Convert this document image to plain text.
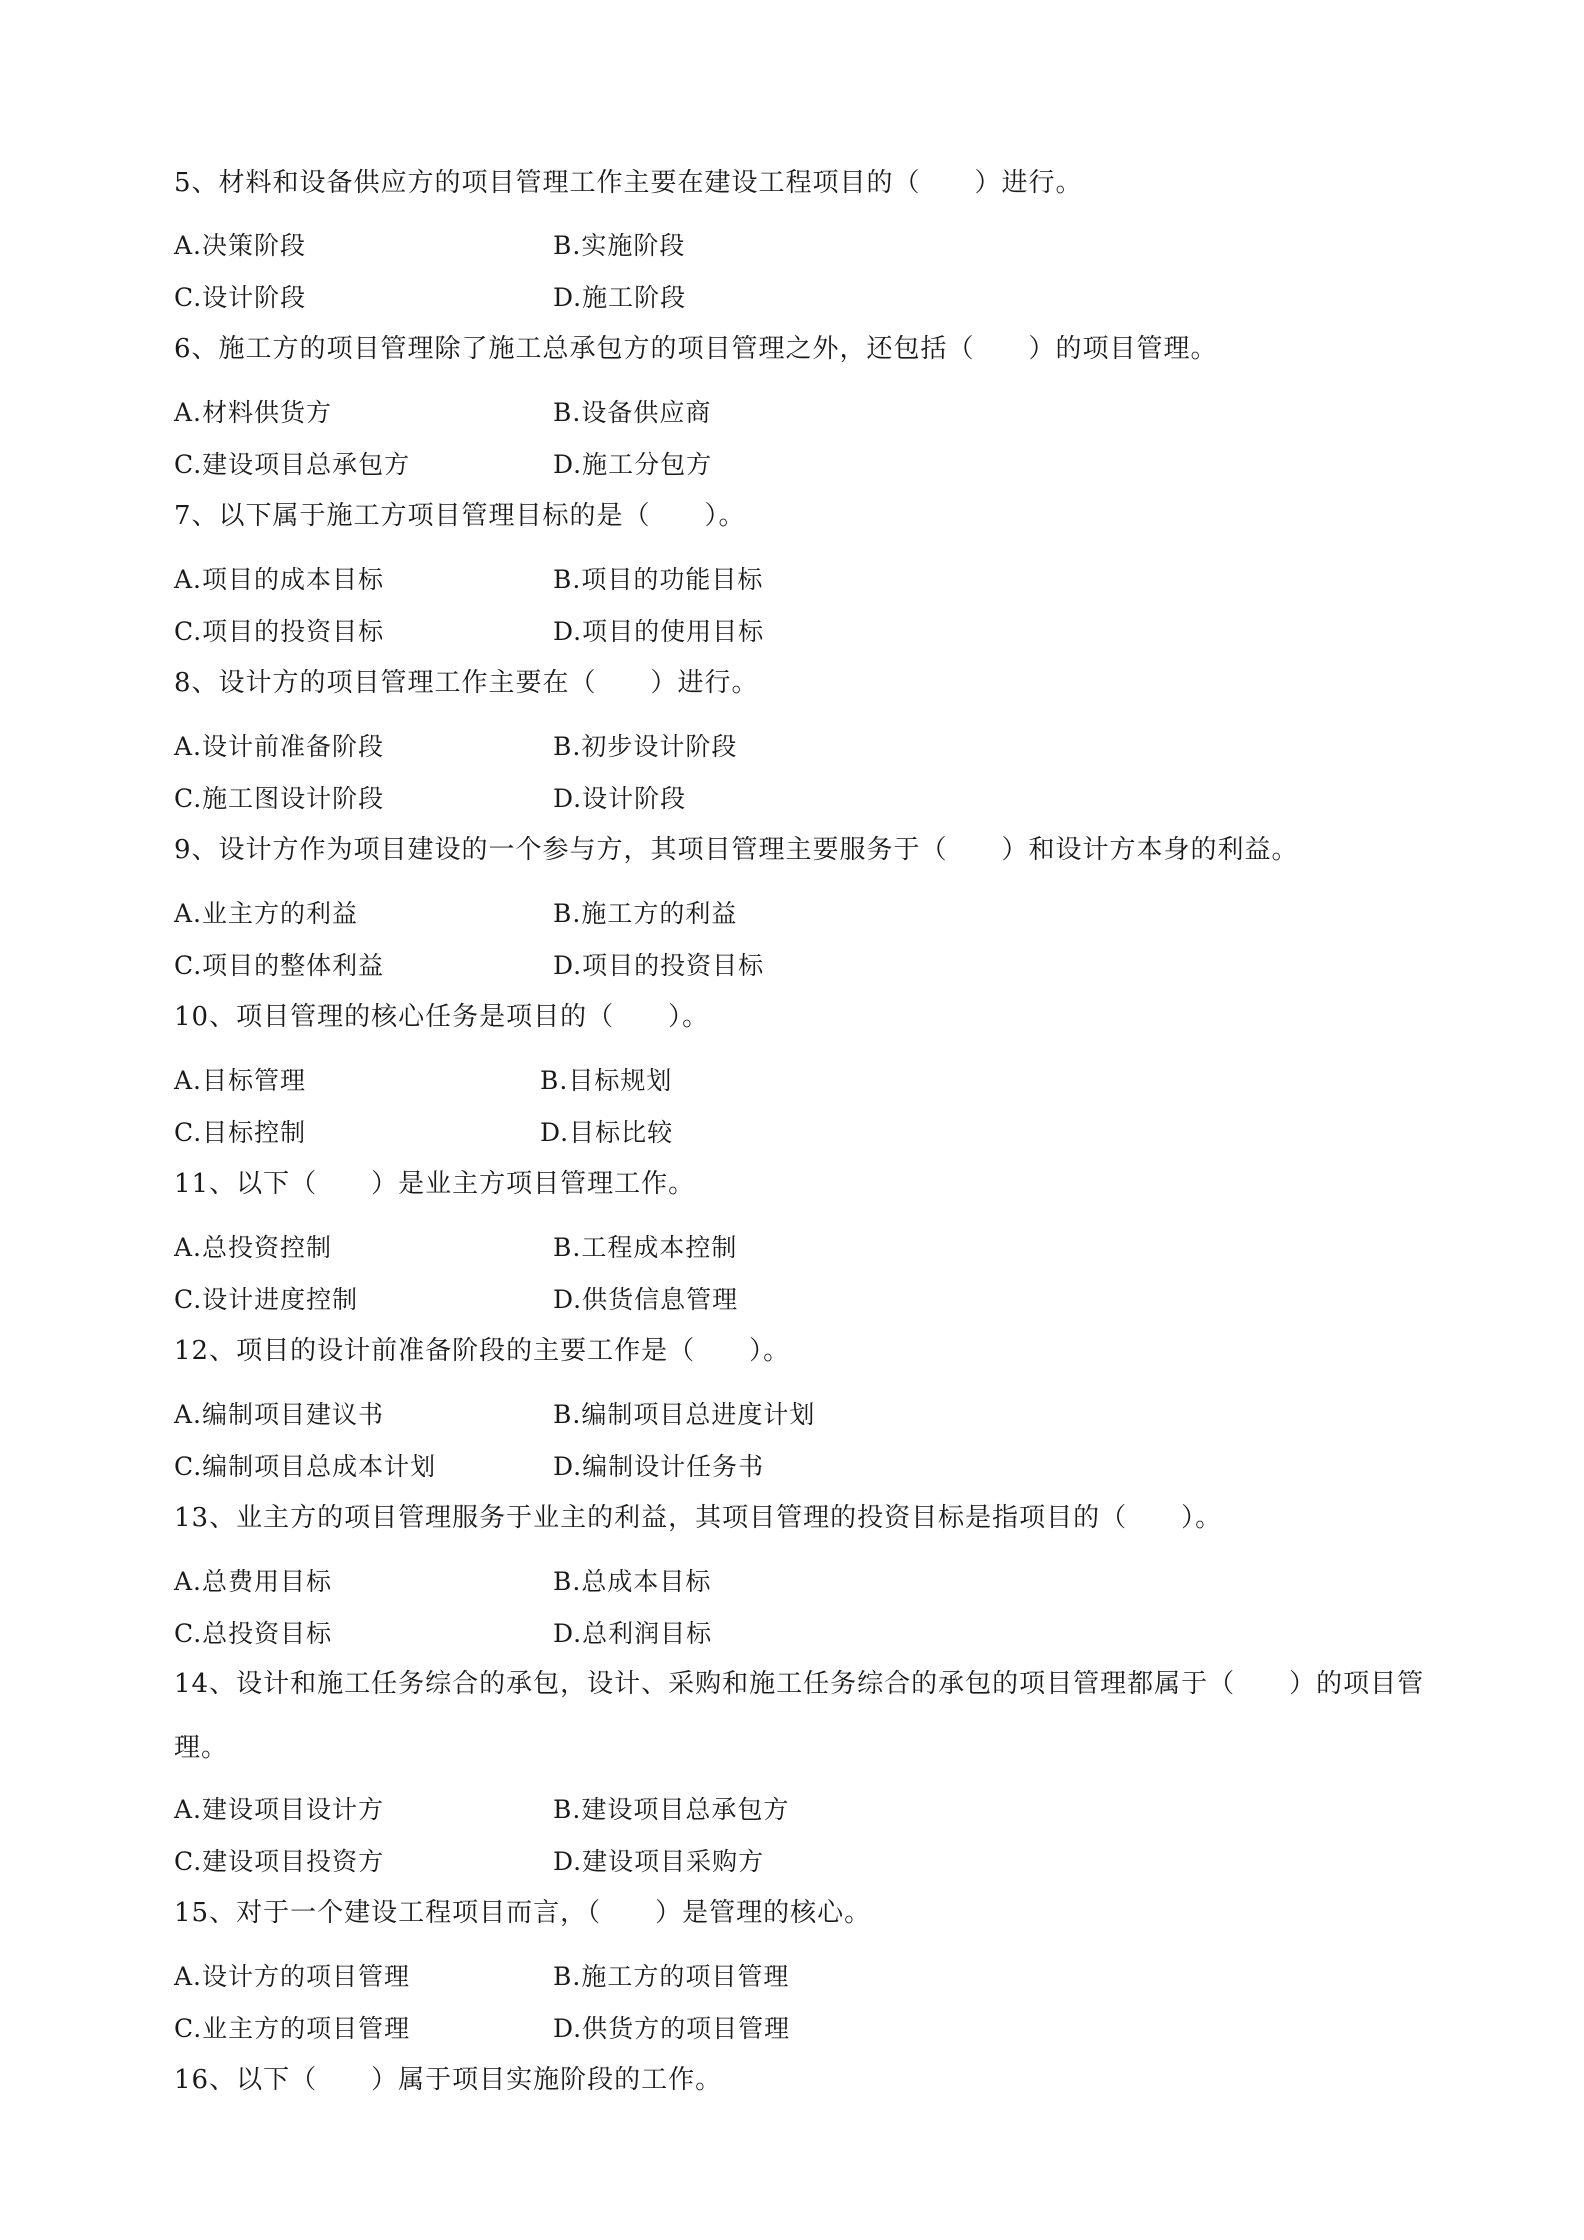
5、材料和设备供应方的项目管理工作主要在建设工程项目的（　　）进行。
A.决策阶段	B.实施阶段
C.设计阶段	D.施工阶段
6、施工方的项目管理除了施工总承包方的项目管理之外，还包括（　　）的项目管理。
A.材料供货方	B.设备供应商
C.建设项目总承包方	D.施工分包方
7、以下属于施工方项目管理目标的是（　　）。
A.项目的成本目标	B.项目的功能目标
C.项目的投资目标	D.项目的使用目标
8、设计方的项目管理工作主要在（　　）进行。
A.设计前准备阶段	B.初步设计阶段
C.施工图设计阶段	D.设计阶段
9、设计方作为项目建设的一个参与方，其项目管理主要服务于（　　）和设计方本身的利益。
A.业主方的利益	B.施工方的利益
C.项目的整体利益	D.项目的投资目标
10、项目管理的核心任务是项目的（　　）。
A.目标管理	B.目标规划
C.目标控制	D.目标比较
11、以下（　　）是业主方项目管理工作。
A.总投资控制	B.工程成本控制
C.设计进度控制	D.供货信息管理
12、项目的设计前准备阶段的主要工作是（　　）。
A.编制项目建议书	B.编制项目总进度计划
C.编制项目总成本计划	D.编制设计任务书
13、业主方的项目管理服务于业主的利益，其项目管理的投资目标是指项目的（　　）。
A.总费用目标	B.总成本目标
C.总投资目标	D.总利润目标
14、设计和施工任务综合的承包，设计、采购和施工任务综合的承包的项目管理都属于（　　）的项目管理。
A.建设项目设计方	B.建设项目总承包方
C.建设项目投资方	D.建设项目采购方
15、对于一个建设工程项目而言，（　　）是管理的核心。
A.设计方的项目管理	B.施工方的项目管理
C.业主方的项目管理	D.供货方的项目管理
16、以下（　　）属于项目实施阶段的工作。
